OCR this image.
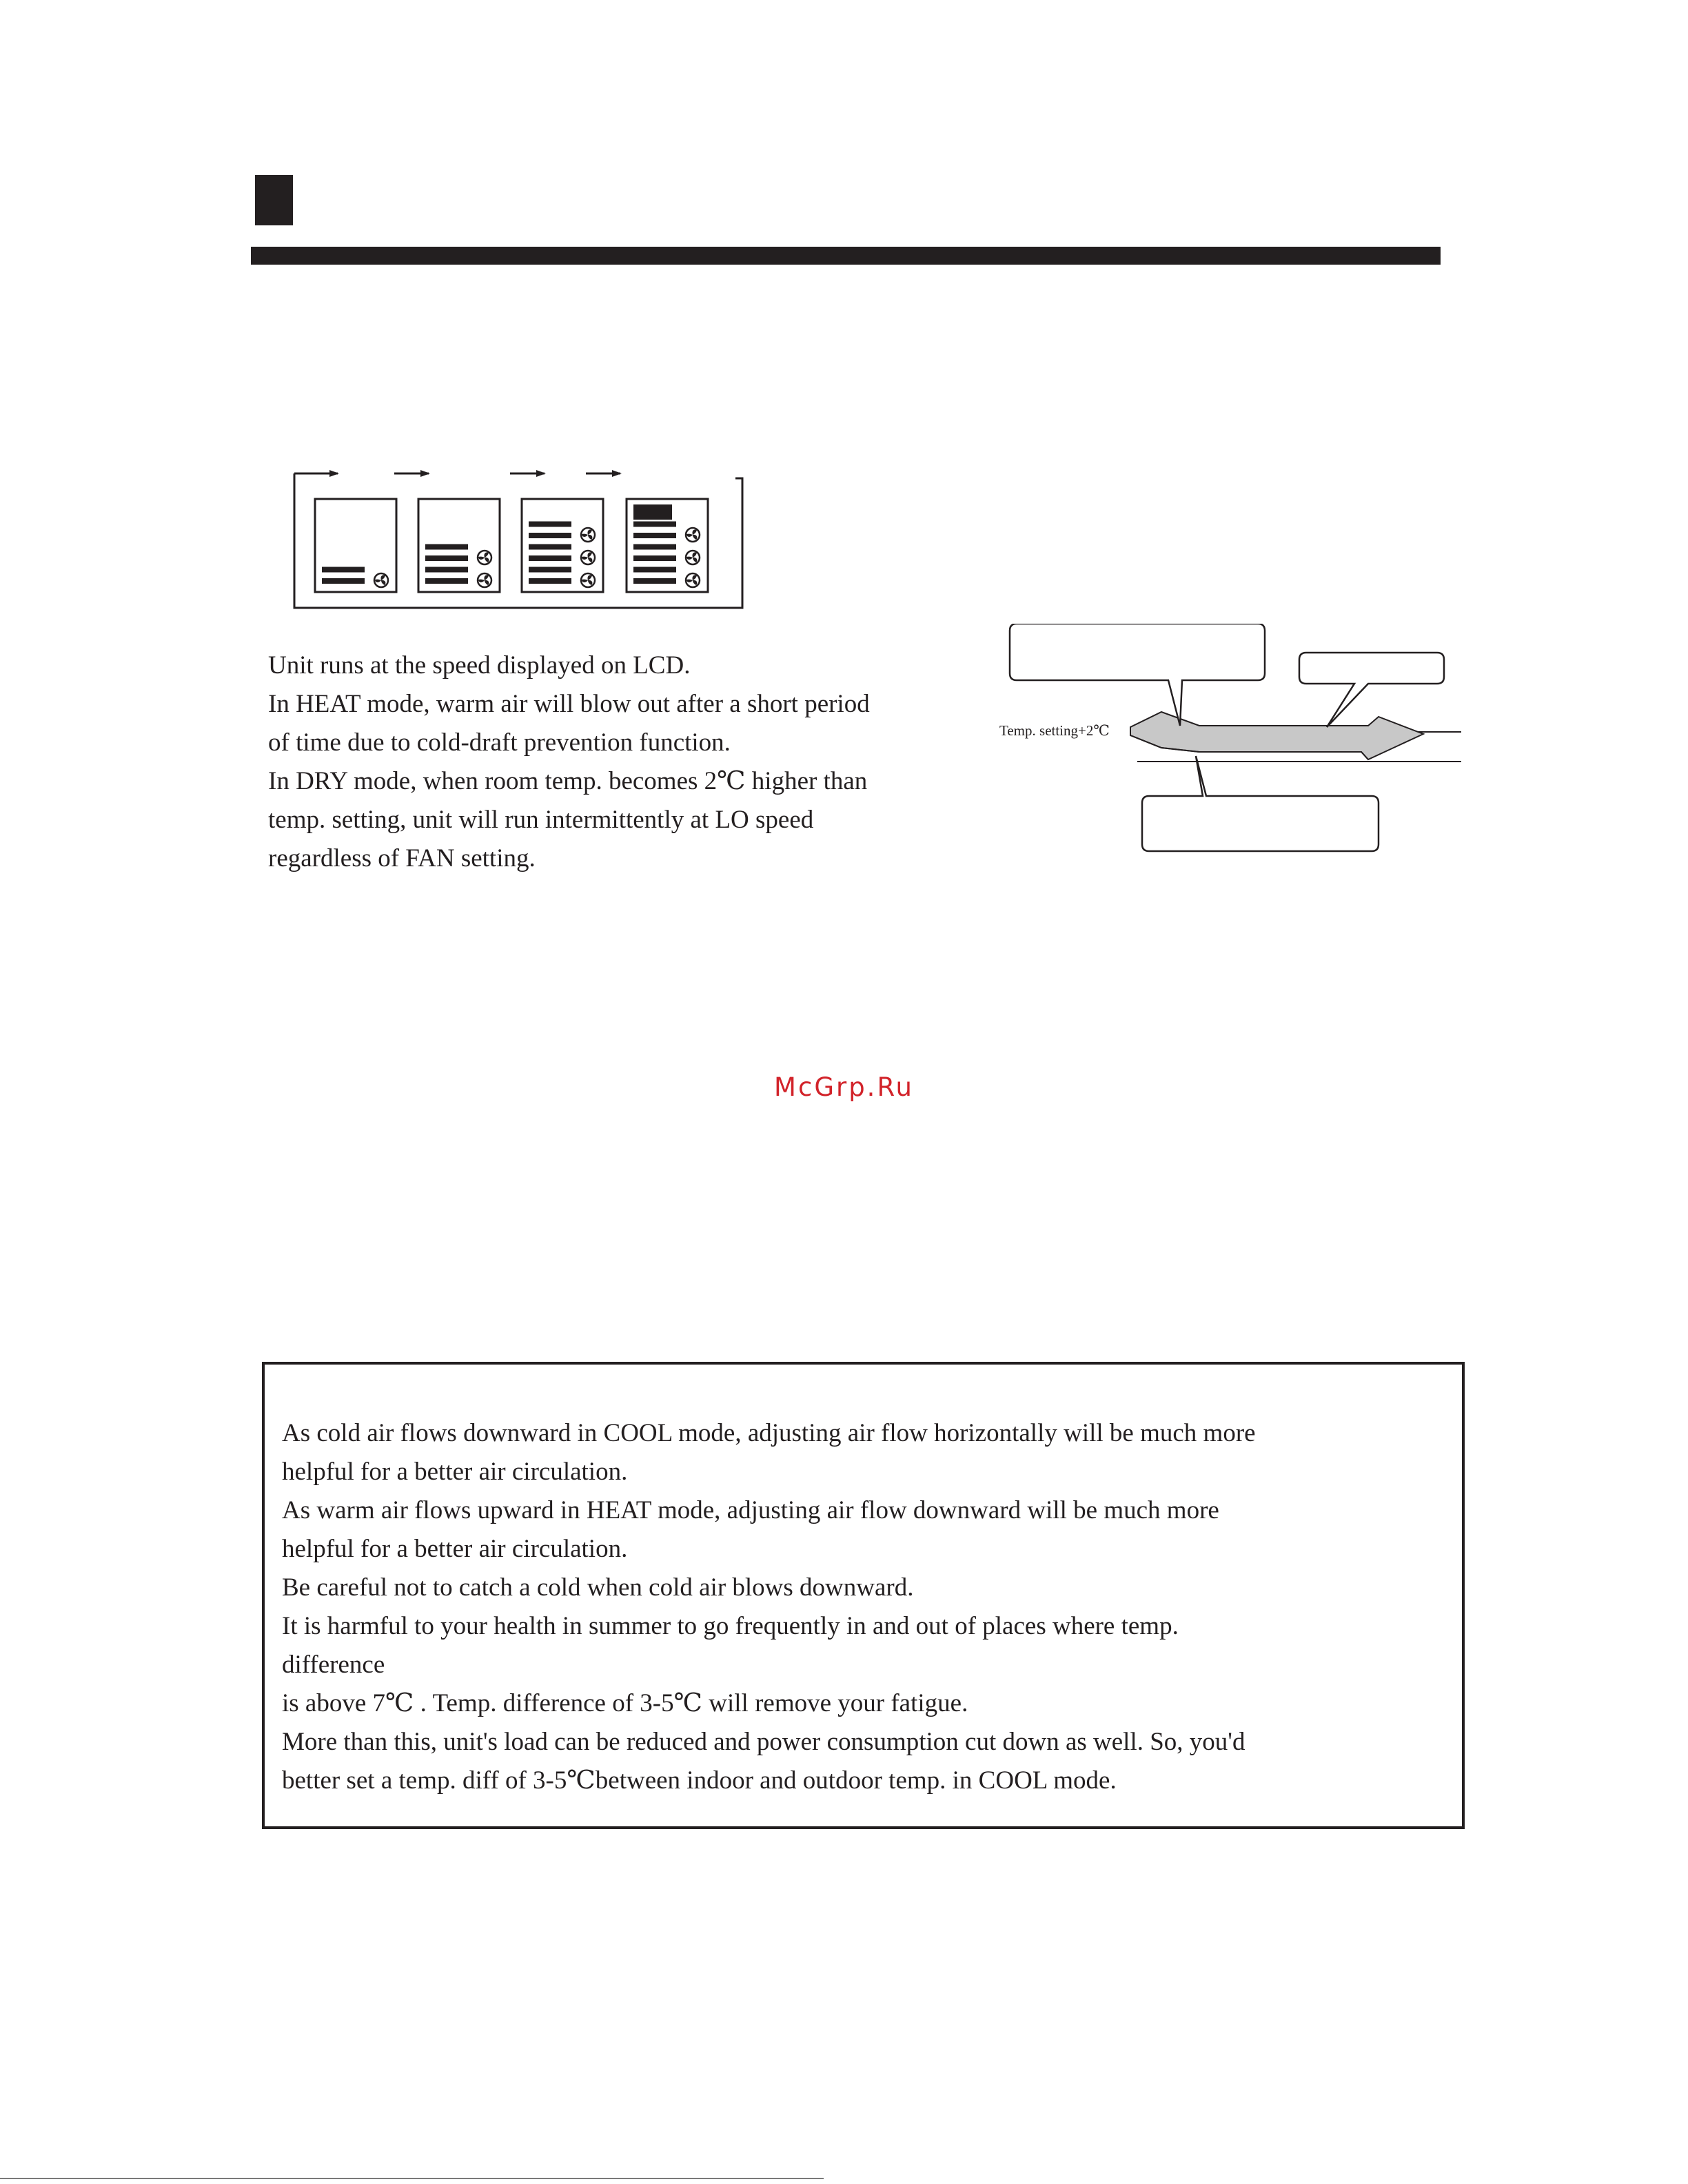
Unit runs at the speed displayed on LCD.

In HEAT mode, warm air will blow out after a short period

of time due to cold-draft prevention function.

In DRY mode, when room temp. becomes 2℃ higher than

temp. setting, unit will run intermittently at LO speed

regardless of FAN setting.

Temp. setting+2℃
McGrp.Ru

As cold air flows downward in COOL mode, adjusting air flow horizontally will be much more

helpful for a better air circulation.

As warm air flows upward in HEAT mode, adjusting air flow downward will be much more

helpful for a better air circulation.

Be careful not to catch a cold when cold air blows downward.

It is harmful to your health in summer to go frequently in and out of places where temp.

difference

is above 7℃ . Temp. difference of 3-5℃ will remove your fatigue.

More than this, unit's load can be reduced and power consumption cut down as well. So, you'd

better set a temp. diff of 3-5℃between indoor and outdoor temp. in COOL mode.
